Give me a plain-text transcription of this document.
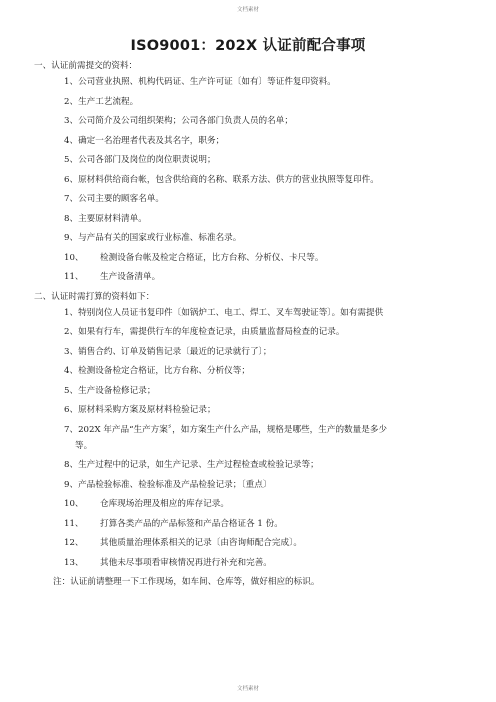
文档素材
ISO9001：202X 认证前配合事项
一、认证前需提交的资料：
1、公司营业执照、机构代码证、生产许可证〔如有〕等证件复印资料。
2、生产工艺流程。
3、公司简介及公司组织架构；公司各部门负责人员的名单；
4、确定一名治理者代表及其名字，职务；
5、公司各部门及岗位的岗位职责说明；
6、原材料供给商台帐，包含供给商的名称、联系方法、供方的营业执照等复印件。
7、公司主要的顾客名单。
8、主要原材料清单。
9、与产品有关的国家或行业标准、标准名录。
10、 检测设备台帐及检定合格证，比方台称、分析仪、卡尺等。
11、 生产设备清单。
二、认证时需打算的资料如下：
1、特别岗位人员证书复印件〔如锅炉工、电工、焊工、叉车驾驶证等〕。如有需提供
2、如果有行车，需提供行车的年度检查记录，由质量监督局检查的记录。
3、销售合约、订单及销售记录〔最近的记录就行了〕；
4、检测设备检定合格证，比方台称、分析仪等；
5、生产设备检修记录；
6、原材料采购方案及原材料检验记录；
7、202X 年产品“生产方案〞，如方案生产什么产品，规格是哪些，生产的数量是多少
等。
8、生产过程中的记录，如生产记录、生产过程检查或检验记录等；
9、产品检验标准、检验标准及产品检验记录；〔重点〕
10、 仓库现场治理及相应的库存记录。
11、 打算各类产品的产品标签和产品合格证各 1 份。
12、 其他质量治理体系相关的记录〔由咨询师配合完成〕。
13、 其他未尽事项看审核情况再进行补充和完善。
注：认证前请整理一下工作现场，如车间、仓库等，做好相应的标识。
文档素材
